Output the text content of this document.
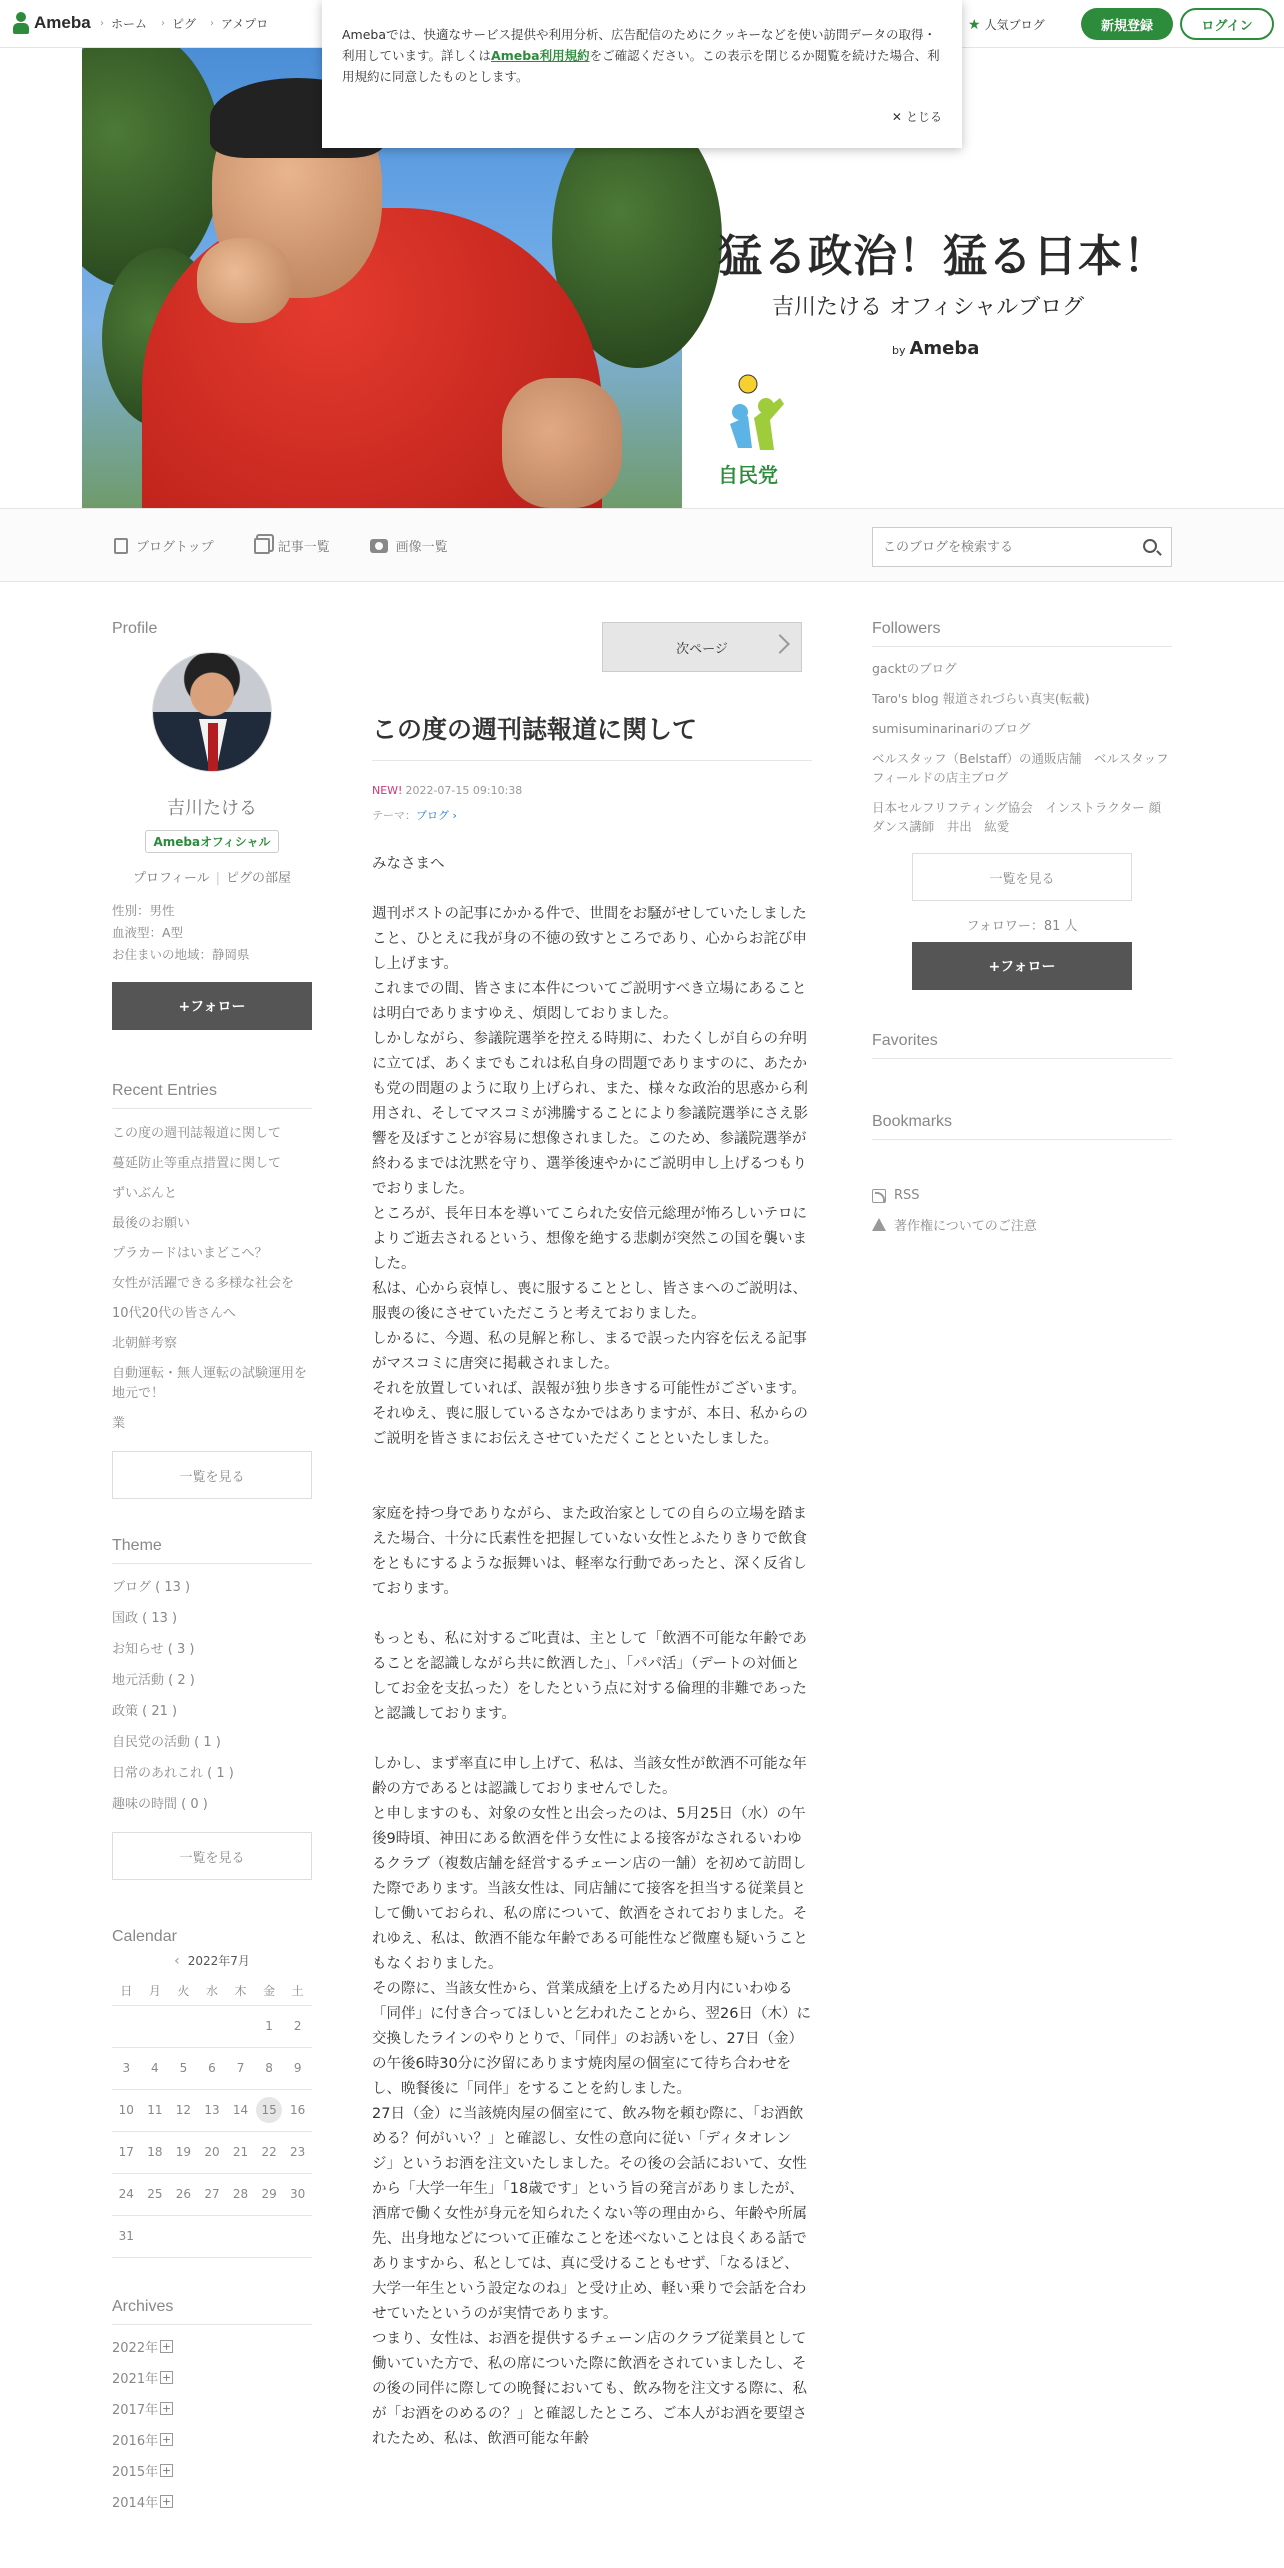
Ameba › ホーム › ピグ › アメプロ	★ 人気ブログ	新規登録	ログイン
Amebaでは、快適なサービス提供や利用分析、広告配信のためにクッキーなどを使い訪問データの取得・利用しています。詳しくはAmeba利用規約をご確認ください。この表示を閉じるか閲覧を続けた場合、利用規約に同意したものとします。
✕ とじる
猛る政治！猛る日本！
吉川たける オフィシャルブログ
by Ameba
自民党
ブログトップ	記事一覧	画像一覧
このブログを検索する
Profile
吉川たける
Amebaオフィシャル
プロフィール | ピグの部屋
性別：男性
血液型：A型
お住まいの地域：静岡県
+フォロー
Recent Entries
この度の週刊誌報道に関して
蔓延防止等重点措置に関して
ずいぶんと
最後のお願い
プラカードはいまどこへ？
女性が活躍できる多様な社会を
10代20代の皆さんへ
北朝鮮考察
自動運転・無人運転の試験運用を地元で！
業
一覧を見る
Theme
ブログ ( 13 )
国政 ( 13 )
お知らせ ( 3 )
地元活動 ( 2 )
政策 ( 21 )
自民党の活動 ( 1 )
日常のあれこれ ( 1 )
趣味の時間 ( 0 )
一覧を見る
Calendar
‹ 2022年7月
日	月	火	水	木	金	土
					1	2
3	4	5	6	7	8	9
10	11	12	13	14	15	16
17	18	19	20	21	22	23
24	25	26	27	28	29	30
31						
Archives
2022年 +
2021年 +
2017年 +
2016年 +
2015年 +
2014年 +
次ページ
この度の週刊誌報道に関して
NEW! 2022-07-15 09:10:38
テーマ：ブログ ›

みなさまへ

週刊ポストの記事にかかる件で、世間をお騒がせしていたしましたこと、ひとえに我が身の不徳の致すところであり、心からお詫び申し上げます。

これまでの間、皆さまに本件についてご説明すべき立場にあることは明白でありますゆえ、煩悶しておりました。

しかしながら、参議院選挙を控える時期に、わたくしが自らの弁明に立てば、あくまでもこれは私自身の問題でありますのに、あたかも党の問題のように取り上げられ、また、様々な政治的思惑から利用され、そしてマスコミが沸騰することにより参議院選挙にさえ影響を及ぼすことが容易に想像されました。このため、参議院選挙が終わるまでは沈黙を守り、選挙後速やかにご説明申し上げるつもりでおりました。

ところが、長年日本を導いてこられた安倍元総理が怖ろしいテロによりご逝去されるという、想像を絶する悲劇が突然この国を襲いました。

私は、心から哀悼し、喪に服することとし、皆さまへのご説明は、服喪の後にさせていただこうと考えておりました。

しかるに、今週、私の見解と称し、まるで誤った内容を伝える記事がマスコミに唐突に掲載されました。

それを放置していれば、誤報が独り歩きする可能性がございます。

それゆえ、喪に服しているさなかではありますが、本日、私からのご説明を皆さまにお伝えさせていただくことといたしました。

家庭を持つ身でありながら、また政治家としての自らの立場を踏まえた場合、十分に氏素性を把握していない女性とふたりきりで飲食をともにするような振舞いは、軽率な行動であったと、深く反省しております。

もっとも、私に対するご叱責は、主として「飲酒不可能な年齢であることを認識しながら共に飲酒した」、「パパ活」（デートの対価としてお金を支払った）をしたという点に対する倫理的非難であったと認識しております。

しかし、まず率直に申し上げて、私は、当該女性が飲酒不可能な年齢の方であるとは認識しておりませんでした。

と申しますのも、対象の女性と出会ったのは、5月25日（水）の午後9時頃、神田にある飲酒を伴う女性による接客がなされるいわゆるクラブ（複数店舗を経営するチェーン店の一舗）を初めて訪問した際であります。当該女性は、同店舗にて接客を担当する従業員として働いておられ、私の席について、飲酒をされておりました。それゆえ、私は、飲酒不能な年齢である可能性など微塵も疑いうこともなくおりました。

その際に、当該女性から、営業成績を上げるため月内にいわゆる「同伴」に付き合ってほしいと乞われたことから、翌26日（木）に交換したラインのやりとりで、「同伴」のお誘いをし、27日（金）の午後6時30分に汐留にあります焼肉屋の個室にて待ち合わせをし、晩餐後に「同伴」をすることを約しました。

27日（金）に当該焼肉屋の個室にて、飲み物を頼む際に、「お酒飲める？何がいい？」と確認し、女性の意向に従い「ディタオレンジ」というお酒を注文いたしました。その後の会話において、女性から「大学一年生」「18歳です」という旨の発言がありましたが、酒席で働く女性が身元を知られたくない等の理由から、年齢や所属先、出身地などについて正確なことを述べないことは良くある話でありますから、私としては、真に受けることもせず、「なるほど、大学一年生という設定なのね」と受け止め、軽い乗りで会話を合わせていたというのが実情であります。

つまり、女性は、お酒を提供するチェーン店のクラブ従業員として働いていた方で、私の席についた際に飲酒をされていましたし、その後の同伴に際しての晩餐においても、飲み物を注文する際に、私が「お酒をのめるの？」と確認したところ、ご本人がお酒を要望されたため、私は、飲酒可能な年齢

Followers
gacktのブログ
Taro's blog 報道されづらい真実(転載)
sumisuminarinariのブログ
ベルスタッフ（Belstaff）の通販店舗　ベルスタッフフィールドの店主ブログ
日本セルフリフティング協会　インストラクター 顔ダンス講師　井出　紘愛
一覧を見る
フォロワー：81 人
+フォロー
Favorites
Bookmarks
RSS
著作権についてのご注意
